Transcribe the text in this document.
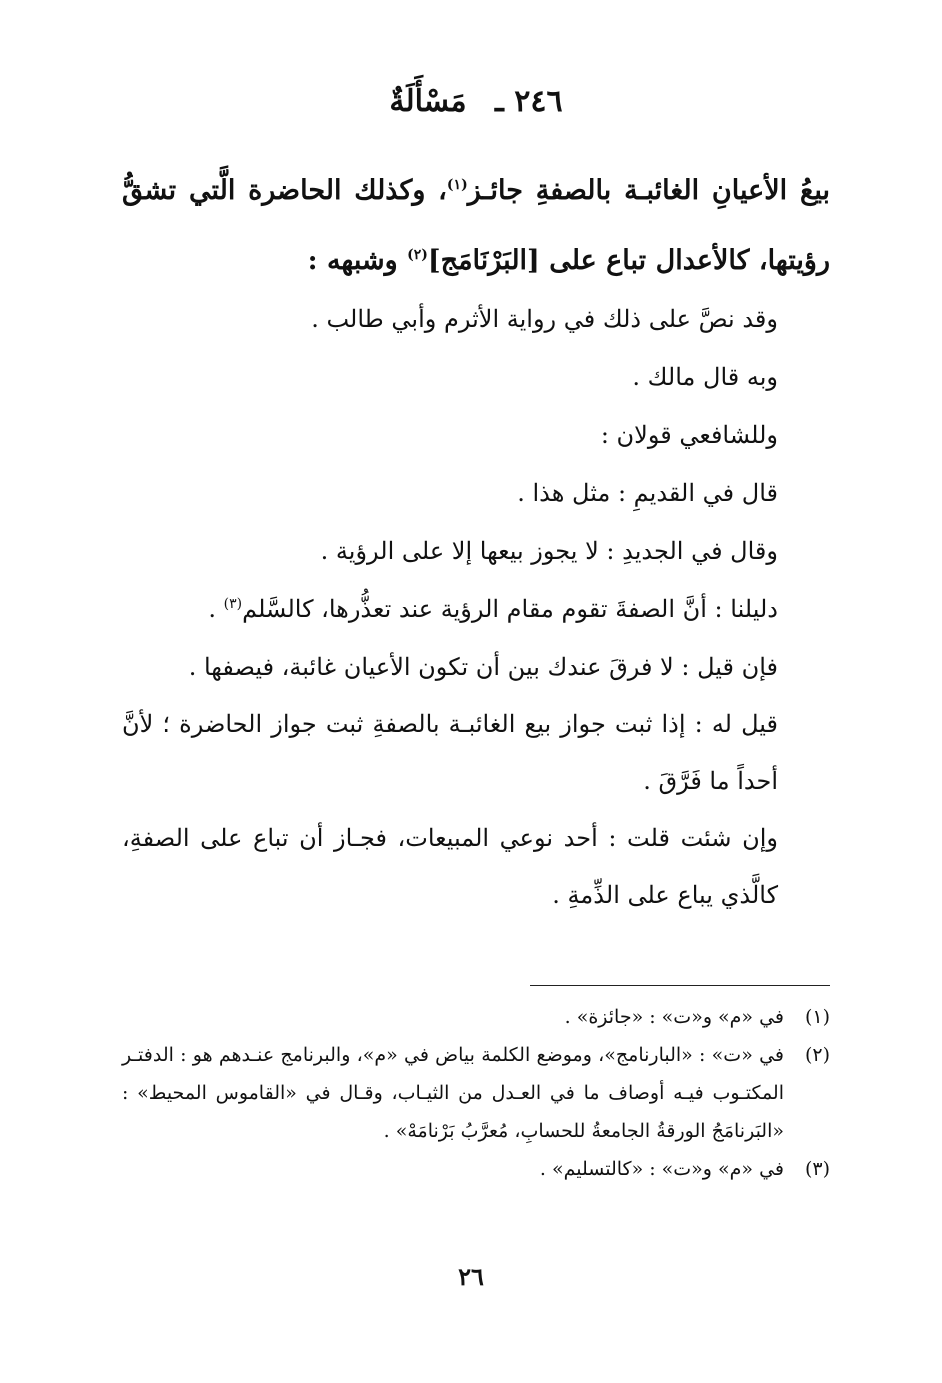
٢٤٦ ـ مَسْأَلَةٌ
بيعُ الأعيانِ الغائبـة بالصفةِ جائـز$^{(١)}$، وكذلك الحاضرة الَّتي تشقُّ رؤيتها، كالأعدال تباع على [البَرْنَامَج]$^{(٢)}$ وشبهه :

وقد نصَّ على ذلك في رواية الأثرم وأبي طالب .

وبه قال مالك .

وللشافعي قولان :

قال في القديمِ : مثل هذا .

وقال في الجديدِ : لا يجوز بيعها إلا على الرؤية .

دليلنا : أنَّ الصفةَ تقوم مقام الرؤية عند تعذُّرها، كالسَّلم$^{(٣)}$ .

فإن قيل : لا فرقَ عندك بين أن تكون الأعيان غائبة، فيصفها .

قيل له : إذا ثبت جواز بيع الغائبـة بالصفةِ ثبت جواز الحاضرة ؛ لأنَّ أحداً ما فَرَّقَ .

وإن شئت قلت : أحد نوعي المبيعات، فجـاز أن تباع على الصفةِ، كالَّذي يباع على الذِّمةِ .

(١)
في «م» و«ت» : «جائزة» .
(٢)
في «ت» : «البارنامج»، وموضع الكلمة بياض في «م»، والبرنامج عنـدهم هو : الدفتـر المكتـوب فيـه أوصاف ما في العـدل من الثيـاب، وقـال في «القاموس المحيط» : «البَرنامَجُ الورقةُ الجامعةُ للحسابِ، مُعرَّبُ بَرْنامَهْ» .
(٣)
في «م» و«ت» : «كالتسليم» .
٢٦
